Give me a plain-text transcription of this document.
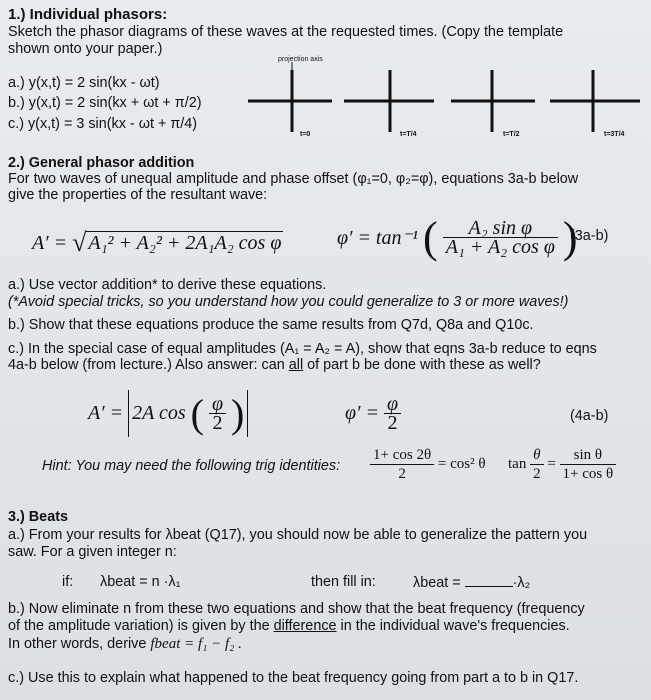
1.) Individual phasors:
Sketch the phasor diagrams of these waves at the requested times. (Copy the template
shown onto your paper.)
a.) y(x,t) = 2 sin(kx - ωt)
b.) y(x,t) = 2 sin(kx + ωt + π/2)
c.) y(x,t) = 3 sin(kx - ωt + π/4)
projection axis
t=0	t=T/4	t=T/2	t=3T/4
2.) General phasor addition
For two waves of unequal amplitude and phase offset (φ₁=0, φ₂=φ), equations 3a-b below
give the properties of the resultant wave:
A′ = √ A₁² + A₂² + 2A₁A₂ cos φ	φ′ = tan⁻¹ ( $\frac{\text{A₂ sin φ}}{\text{A₁ + A₂ cos φ}}$ )
(3a-b)
a.) Use vector addition* to derive these equations.
(*Avoid special tricks, so you understand how you could generalize to 3 or more waves!)
b.) Show that these equations produce the same results from Q7d, Q8a and Q10c.
c.) In the special case of equal amplitudes (A₁ = A₂ = A), show that eqns 3a-b reduce to eqns
4a-b below (from lecture.) Also answer: can all of part b be done with these as well?
A′ = 2A cos ( $\frac{\varphi}{2}$ )	$\varphi' = \frac{\varphi}{2}$	(4a-b)
Hint: You may need the following trig identities: $\frac{1+ \cos 2\theta}{2} = \cos^2$ θ $\tan \frac{\theta}{2} = \frac{\text{sin θ}}{\text{1+ cos θ}}$
3.) Beats
a.) From your results for λbeat (Q17), you should now be able to generalize the pattern you
saw. For a given integer n:
if: λbeat = n ·λ₁	then fill in:	λbeat =	·λ₂
b.) Now eliminate n from these two equations and show that the beat frequency (frequency
of the amplitude variation) is given by the difference in the individual wave's frequencies.
In other words, derive fbeat = f₁ − f₂ .
c.) Use this to explain what happened to the beat frequency going from part a to b in Q17.
